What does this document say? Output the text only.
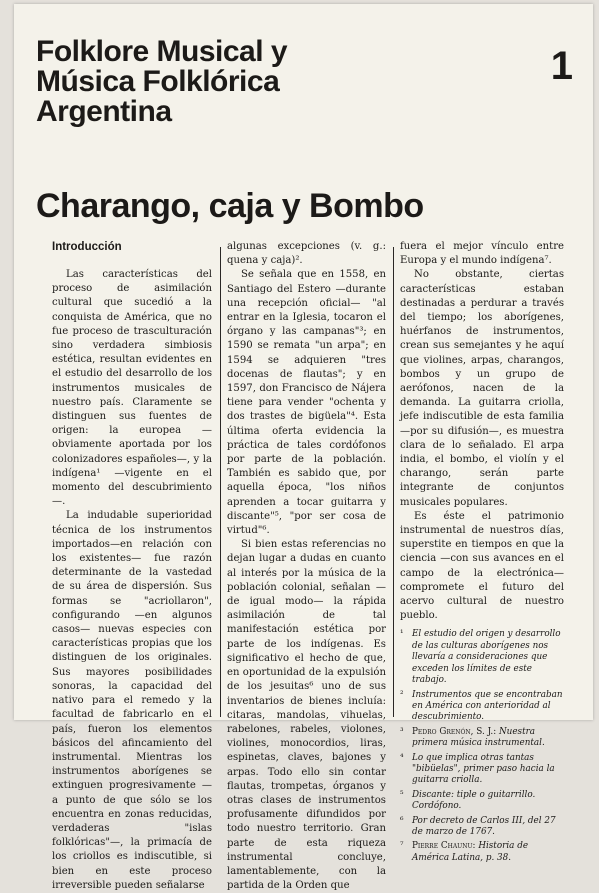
Folklore Musical y
Música Folklórica
Argentina
1
Charango, caja y Bombo
Introducción

Las características del proceso de asimilación cultural que sucedió a la conquista de América, que no fue proceso de trasculturación sino verdadera simbiosis estética, resultan evidentes en el estudio del desarrollo de los instrumentos musicales de nuestro país. Claramente se distinguen sus fuentes de origen: la europea —obviamente aportada por los colonizadores españoles—, y la indígena¹ —vigente en el momento del descubrimiento—.

La indudable superioridad técnica de los instrumentos importados—en relación con los existentes— fue razón determinante de la vastedad de su área de dispersión. Sus formas se "acriollaron", configurando —en algunos casos— nuevas especies con características propias que los distinguen de los originales. Sus mayores posibilidades sonoras, la capacidad del nativo para el remedo y la facultad de fabricarlo en el país, fueron los elementos básicos del afincamiento del instrumental. Mientras los instrumentos aborígenes se extinguen progresivamente —a punto de que sólo se los encuentra en zonas reducidas, verdaderas "islas folklóricas"—, la primacía de los criollos es indiscutible, si bien en este proceso irreversible pueden señalarse

algunas excepciones (v. g.: quena y caja)².

Se señala que en 1558, en Santiago del Estero —durante una recepción oficial— "al entrar en la Iglesia, tocaron el órgano y las campanas"³; en 1590 se remata "un arpa"; en 1594 se adquieren "tres docenas de flautas"; y en 1597, don Francisco de Nájera tiene para vender "ochenta y dos trastes de bigüela"⁴. Esta última oferta evidencia la práctica de tales cordófonos por parte de la población. También es sabido que, por aquella época, "los niños aprenden a tocar guitarra y discante"⁵, "por ser cosa de virtud"⁶.

Si bien estas referencias no dejan lugar a dudas en cuanto al interés por la música de la población colonial, señalan —de igual modo— la rápida asimilación de tal manifestación estética por parte de los indígenas. Es significativo el hecho de que, en oportunidad de la expulsión de los jesuitas⁶ uno de sus inventarios de bienes incluía: citaras, mandolas, vihuelas, rabelones, rabeles, violones, violines, monocordios, liras, espinetas, claves, bajones y arpas. Todo ello sin contar flautas, trompetas, órganos y otras clases de instrumentos profusamente difundidos por todo nuestro territorio. Gran parte de esta riqueza instrumental concluye, lamentablemente, con la partida de la Orden que

fuera el mejor vínculo entre Europa y el mundo indígena⁷.

No obstante, ciertas características estaban destinadas a perdurar a través del tiempo; los aborígenes, huérfanos de instrumentos, crean sus semejantes y he aquí que violines, arpas, charangos, bombos y un grupo de aerófonos, nacen de la demanda. La guitarra criolla, jefe indiscutible de esta familia —por su difusión—, es muestra clara de lo señalado. El arpa india, el bombo, el violín y el charango, serán parte integrante de conjuntos musicales populares.

Es éste el patrimonio instrumental de nuestros días, superstite en tiempos en que la ciencia —con sus avances en el campo de la electrónica— compromete el futuro del acervo cultural de nuestro pueblo.

¹ El estudio del origen y desarrollo de las culturas aborígenes nos llevaría a consideraciones que exceden los límites de este trabajo.
² Instrumentos que se encontraban en América con anterioridad al descubrimiento.
³ Pedro Grenón, S. J.: Nuestra primera música instrumental.
⁴ Lo que implica otras tantas "bibüelas", primer paso hacia la guitarra criolla.
⁵ Discante: tiple o guitarrillo. Cordófono.
⁶ Por decreto de Carlos III, del 27 de marzo de 1767.
⁷ Pierre Chaunu: Historia de América Latina, p. 38.
